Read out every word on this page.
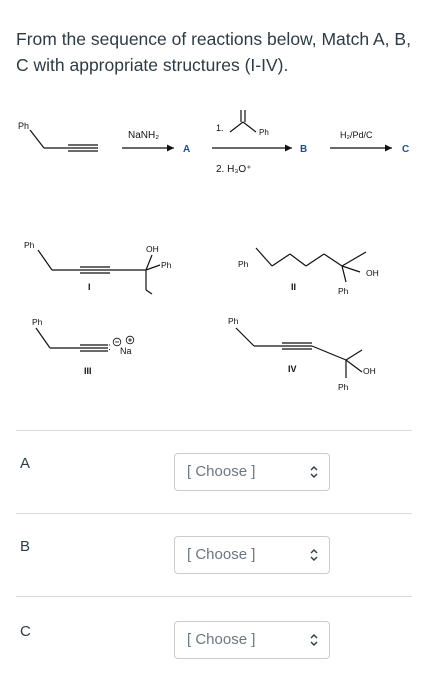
From the sequence of reactions below, Match A, B, C with appropriate structures (I-IV).
Ph
NaNH₂
A
1.	Ph
2. H₃O⁺
B
H₂/Pd/C
C
Ph	OH
Ph
I
Ph
OH
Ph
II
Ph
: Na
III
Ph
OH
Ph
IV
A	[ Choose ]
B	[ Choose ]
C	[ Choose ]
